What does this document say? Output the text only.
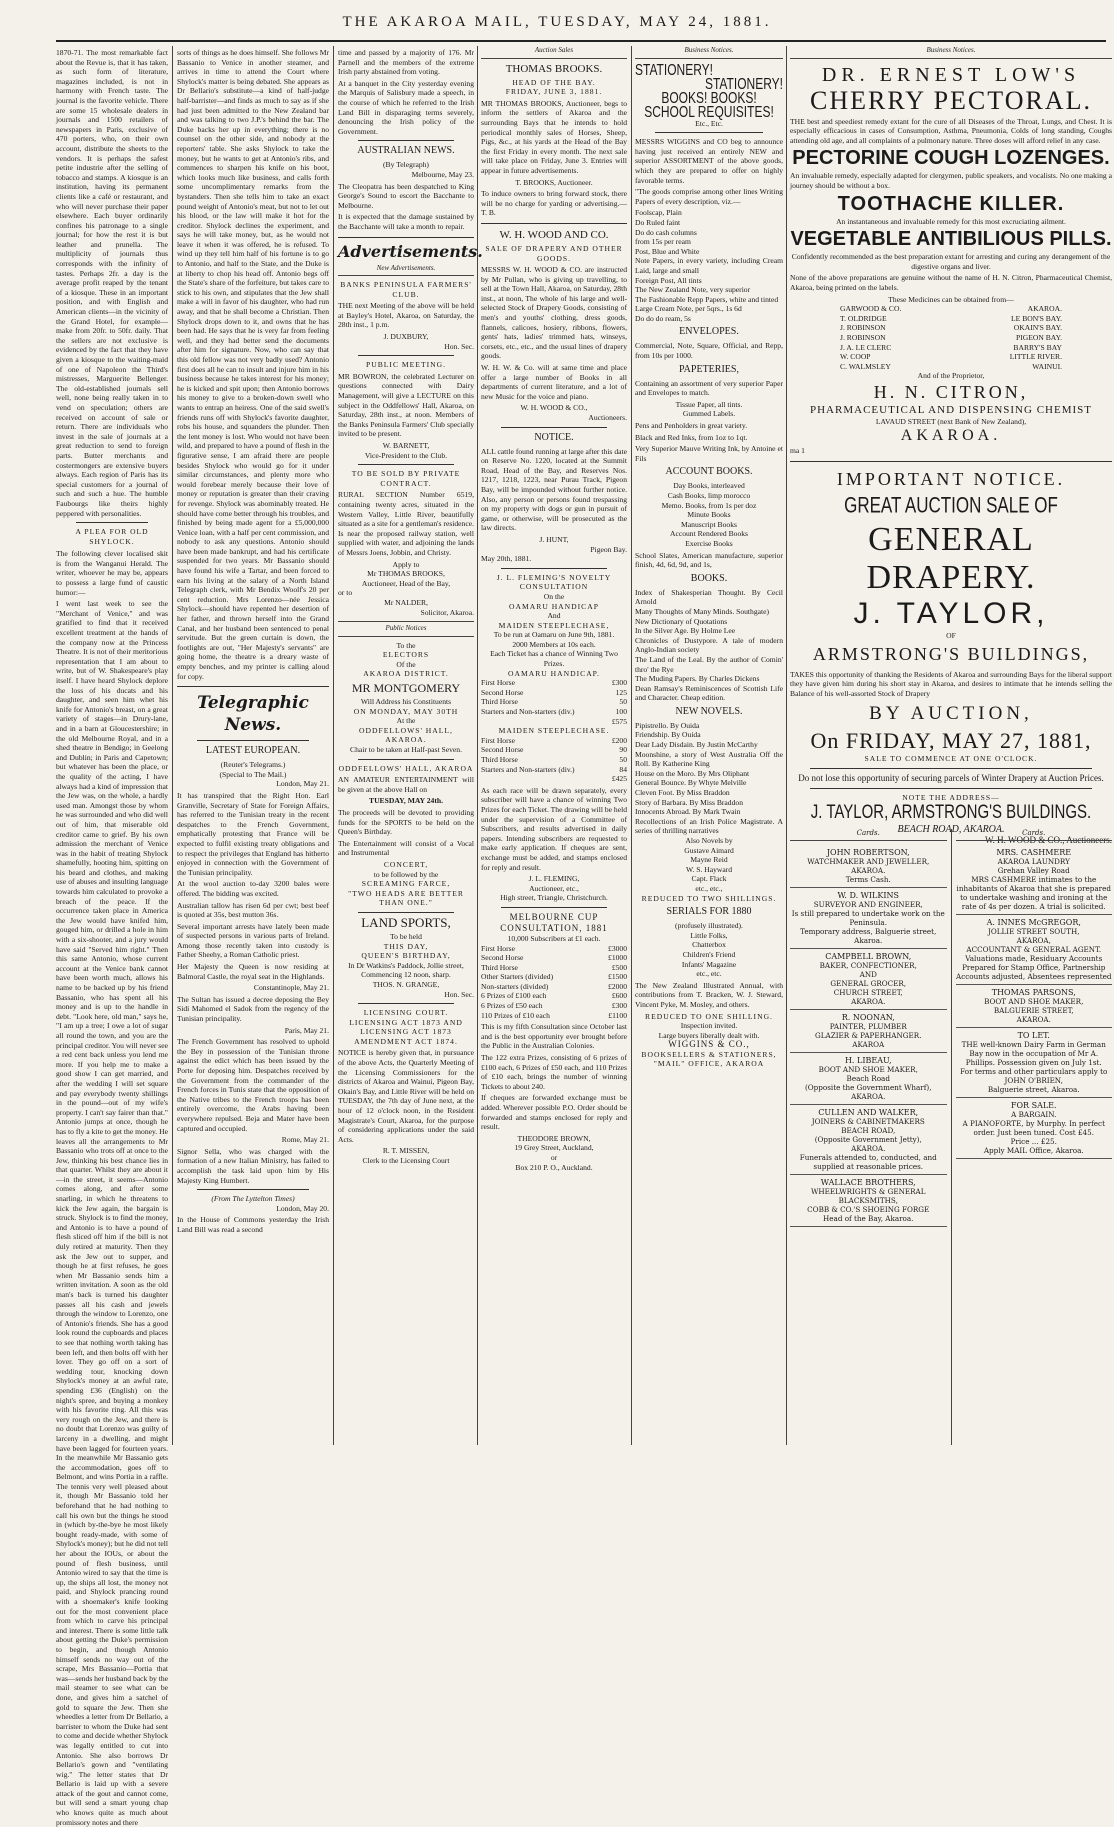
THE AKAROA MAIL, TUESDAY, MAY 24, 1881.
1870-71. The most remarkable fact about the Revue is, that it has taken, as such form of literature, magazines included, is not in harmony with French taste. The journal is the favorite vehicle. There are some 15 wholesale dealers in journals and 1500 retailers of newspapers in Paris, exclusive of 470 porters, who, on their own account, distribute the sheets to the vendors. It is perhaps the safest petite industrie after the selling of tobacco and stamps. A kiosque is an institution, having its permanent clients like a café or restaurant, and who will never purchase their paper elsewhere. Each buyer ordinarily confines his patronage to a single journal; for how the rest it is but leather and prunella. The multiplicity of journals thus corresponds with the infinity of tastes. Perhaps 2fr. a day is the average profit reaped by the tenant of a kiosque. These in an important position, and with English and American clients—in the vicinity of the Grand Hotel, for example—make from 20fr. to 50fr. daily. That the sellers are not exclusive is evidenced by the fact that they have given a kiosque to the waiting-maid of one of Napoleon the Third's mistresses, Marguerite Bellenger. The old-established journals sell well, none being really taken in to vend on speculation; others are received on account of sale or return. There are individuals who invest in the sale of journals at a great reduction to send to foreign parts. Butter merchants and costermongers are extensive buyers always. Each region of Paris has its special customers for a journal of such and such a hue. The humble Faubourgs like theirs highly peppered with personalities.
A PLEA FOR OLD SHYLOCK.
The following clever localised skit is from the Wanganui Herald. The writer, whoever he may be, appears to possess a large fund of caustic humor:—
I went last week to see the "Merchant of Venice," and was gratified to find that it received excellent treatment at the hands of the company now at the Princess Theatre. It is not of their meritorious representation that I am about to write, but of W. Shakespeare's play itself. I have heard Shylock deplore the loss of his ducats and his daughter, and seen him whet his knife for Antonio's breast, on a great variety of stages—in Drury-lane, and in a barn at Gloucestershire; in the old Melbourne Royal, and in a shed theatre in Bendigo; in Geelong and Dublin; in Paris and Capetown; but whatever has been the place, or the quality of the acting, I have always had a kind of impression that the Jew was, on the whole, a hardly used man. Amongst those by whom he was surrounded and who did well out of him, that miserable old creditor came to grief. By his own admission the merchant of Venice was in the habit of treating Shylock shamefully, hooting him, spitting on his beard and clothes, and making use of abuses and insulting language towards him calculated to provoke a breach of the peace. If the occurrence taken place in America the Jew would have knifed him, gouged him, or drilled a hole in him with a six-shooter, and a jury would have said "Served him right." Then this same Antonio, whose current account at the Venice bank cannot have been worth much, allows his name to be backed up by his friend Bassanio, who has spent all his money and is up to the handle in debt. "Look here, old man," says he, "I am up a tree; I owe a lot of sugar all round the town, and you are the principal creditor. You will never see a red cent back unless you lend me more. If you help me to make a good show I can get married, and after the wedding I will set square and pay everybody twenty shillings in the pound—out of my wife's property. I can't say fairer than that." Antonio jumps at once, though he has to fly a kite to get the money. He leaves all the arrangements to Mr Bassanio who trots off at once to the Jew, thinking his best chance lies in that quarter. Whilst they are about it—in the street, it seems—Antonio comes along, and after some snarling, in which he threatens to kick the Jew again, the bargain is struck. Shylock is to find the money, and Antonio is to have a pound of flesh sliced off him if the bill is not duly retired at maturity. Then they ask the Jew out to supper, and though he at first refuses, he goes when Mr Bassanio sends him a written invitation. A soon as the old man's back is turned his daughter passes all his cash and jewels through the window to Lorenzo, one of Antonio's friends. She has a good look round the cupboards and places to see that nothing worth taking has been left, and then bolts off with her lover. They go off on a sort of wedding tour, knocking down Shylock's money at an awful rate, spending £36 (English) on the night's spree, and buying a monkey with his favorite ring. All this was very rough on the Jew, and there is no doubt that Lorenzo was guilty of larceny in a dwelling, and might have been lagged for fourteen years. In the meanwhile Mr Bassanio gets the accommodation, goes off to Belmont, and wins Portia in a raffle. The tennis very well pleased about it, though Mr Bassanio told her beforehand that he had nothing to call his own but the things he stood in (which by-the-bye he most likely bought ready-made, with some of Shylock's money); but he did not tell her about the IOUs, or about the pound of flesh business, until Antonio wired to say that the time is up, the ships all lost, the money not paid, and Shylock prancing round with a shoemaker's knife looking out for the most convenient place from which to carve his principal and interest. There is some little talk about getting the Duke's permission to begin, and though Antonio himself sends no way out of the scrape, Mrs Bassanio—Portia that was—sends her husband back by the mail steamer to see what can be done, and gives him a satchel of gold to square the Jew. Then she wheedles a letter from Dr Bellario, a barrister to whom the Duke had sent to come and decide whether Shylock was legally entitled to cut into Antonio. She also borrows Dr Bellario's gown and "ventilating wig." The letter states that Dr Bellario is laid up with a severe attack of the gout and cannot come, but will send a smart young chap who knows quite as much about promissory notes and there
sorts of things as he does himself. She follows Mr Bassanio to Venice in another steamer, and arrives in time to attend the Court where Shylock's matter is being debated. She appears as Dr Bellario's substitute—a kind of half-judge half-barrister—and finds as much to say as if she had just been admitted to the New Zealand bar and was talking to two J.P.'s behind the bar. The Duke backs her up in everything; there is no counsel on the other side, and nobody at the reporters' table. She asks Shylock to take the money, but he wants to get at Antonio's ribs, and commences to sharpen his knife on his boot, which looks much like business, and calls forth some uncomplimentary remarks from the bystanders. Then she tells him to take an exact pound weight of Antonio's meat, but not to let out his blood, or the law will make it hot for the creditor. Shylock declines the experiment, and says he will take money, but, as he would not leave it when it was offered, he is refused. To wind up they tell him half of his fortune is to go to Antonio, and half to the State, and the Duke is at liberty to chop his head off. Antonio begs off the State's share of the forfeiture, but takes care to stick to his own, and stipulates that the Jew shall make a will in favor of his daughter, who had run away, and that he shall become a Christian. Then Shylock drops down to it, and owns that he has been had. He says that he is very far from feeling well, and they had better send the documents after him for signature. Now, who can say that this old fellow was not very badly used? Antonio first does all he can to insult and injure him in his business because he takes interest for his money; he is kicked and spit upon; then Antonio borrows his money to give to a broken-down swell who wants to entrap an heiress. One of the said swell's friends runs off with Shylock's favorite daughter, robs his house, and squanders the plunder. Then the lent money is lost. Who would not have been wild, and prepared to have a pound of flesh in the figurative sense, I am afraid there are people besides Shylock who would go for it under similar circumstances, and plenty more who would forebear merely because their love of money or reputation is greater than their craving for revenge. Shylock was abominably treated. He should have come better through his troubles, and finished by being made agent for a £5,000,000 Venice loan, with a half per cent commission, and nobody to ask any questions. Antonio should have been made bankrupt, and had his certificate suspended for two years. Mr Bassanio should have found his wife a Tartar, and been forced to earn his living at the salary of a North Island Telegraph clerk, with Mr Bendix Woolf's 20 per cent reduction. Mrs Lorenzo—née Jessica Shylock—should have repented her desertion of her father, and thrown herself into the Grand Canal, and her husband been sentenced to penal servitude. But the green curtain is down, the footlights are out, "Her Majesty's servants" are going home, the theatre is a dreary waste of empty benches, and my printer is calling aloud for copy.
Telegraphic News.
LATEST EUROPEAN.
(Reuter's Telegrams.)
(Special to The Mail.)
London, May 21.
It has transpired that the Right Hon. Earl Granville, Secretary of State for Foreign Affairs, has referred to the Tunisian treaty in the recent despatches to the French Government, emphatically protesting that France will be expected to fulfil existing treaty obligations and to respect the privileges that England has hitherto enjoyed in connection with the Government of the Tunisian principality.
At the wool auction to-day 3200 bales were offered. The bidding was excited.
Australian tallow has risen 6d per cwt; best beef is quoted at 35s, best mutton 36s.
Several important arrests have lately been made of suspected persons in various parts of Ireland. Among those recently taken into custody is Father Sheehy, a Roman Catholic priest.
Her Majesty the Queen is now residing at Balmoral Castle, the royal seat in the Highlands.
Constantinople, May 21.
The Sultan has issued a decree deposing the Bey Sidi Mahomed el Sadok from the regency of the Tunisian principality.
Paris, May 21.
The French Government has resolved to uphold the Bey in possession of the Tunisian throne against the edict which has been issued by the Porte for deposing him. Despatches received by the Government from the commander of the French forces in Tunis state that the opposition of the Native tribes to the French troops has been entirely overcome, the Arabs having been everywhere repulsed. Beja and Mater have been captured and occupied.
Rome, May 21.
Signor Sella, who was charged with the formation of a new Italian Ministry, has failed to accomplish the task laid upon him by His Majesty King Humbert.
(From The Lyttelton Times)
London, May 20.
In the House of Commons yesterday the Irish Land Bill was read a second
time and passed by a majority of 176. Mr Parnell and the members of the extreme Irish party abstained from voting.
At a banquet in the City yesterday evening the Marquis of Salisbury made a speech, in the course of which he referred to the Irish Land Bill in disparaging terms severely, denouncing the Irish policy of the Government.
AUSTRALIAN NEWS.
(By Telegraph)
Melbourne, May 23.
The Cleopatra has been despatched to King George's Sound to escort the Bacchante to Melbourne.
It is expected that the damage sustained by the Bacchante will take a month to repair.
Advertisements.
New Advertisements.
BANKS PENINSULA FARMERS' CLUB.
THE next Meeting of the above will be held at Bayley's Hotel, Akaroa, on Saturday, the 28th inst., 1 p.m.
J. DUXBURY,
Hon. Sec.
PUBLIC MEETING.
MR BOWRON, the celebrated Lecturer on questions connected with Dairy Management, will give a LECTURE on this subject in the Oddfellows' Hall, Akaroa, on Saturday, 28th inst., at noon. Members of the Banks Peninsula Farmers' Club specially invited to be present.
W. BARNETT,
Vice-President to the Club.
TO BE SOLD BY PRIVATE CONTRACT.
RURAL SECTION Number 6519, containing twenty acres, situated in the Western Valley, Little River, beautifully situated as a site for a gentleman's residence. Is near the proposed railway station, well supplied with water, and adjoining the lands of Messrs Joens, Jobbin, and Christy.
Apply to
Mr THOMAS BROOKS,
Auctioneer, Head of the Bay,
or to
Mr NALDER,
Solicitor, Akaroa.
Public Notices
To the
ELECTORS
Of the
AKAROA DISTRICT.
MR MONTGOMERY
Will Address his Constituents
ON MONDAY, MAY 30TH
At the
ODDFELLOWS' HALL,
AKAROA.
Chair to be taken at Half-past Seven.
ODDFELLOWS' HALL, AKAROA
AN AMATEUR ENTERTAINMENT will be given at the above Hall on
TUESDAY, MAY 24th.
The proceeds will be devoted to providing funds for the SPORTS to be held on the Queen's Birthday.
The Entertainment will consist of a Vocal and Instrumental
CONCERT,
to be followed by the
SCREAMING FARCE,
"TWO HEADS ARE BETTER THAN ONE."
LAND SPORTS,
To be held
THIS DAY,
QUEEN'S BIRTHDAY,
In Dr Watkins's Paddock, Jollie street,
Commencing 12 noon, sharp.
THOS. N. GRANGE,
Hon. Sec.
LICENSING COURT.
LICENSING ACT 1873 AND LICENSING ACT 1873 AMENDMENT ACT 1874.
NOTICE is hereby given that, in pursuance of the above Acts, the Quarterly Meeting of the Licensing Commissioners for the districts of Akaroa and Wainui, Pigeon Bay, Okain's Bay, and Little River will be held on TUESDAY, the 7th day of June next, at the hour of 12 o'clock noon, in the Resident Magistrate's Court, Akaroa, for the purpose of considering applications under the said Acts.
R. T. MISSEN,
Clerk to the Licensing Court
Auction Sales
THOMAS BROOKS.
HEAD OF THE BAY.
FRIDAY, JUNE 3, 1881.
MR THOMAS BROOKS, Auctioneer, begs to inform the settlers of Akaroa and the surrounding Bays that he intends to hold periodical monthly sales of Horses, Sheep, Pigs, &c., at his yards at the Head of the Bay the first Friday in every month. The next sale will take place on Friday, June 3. Entries will appear in future advertisements.
T. BROOKS, Auctioneer.
To induce owners to bring forward stock, there will be no charge for yarding or advertising.—T. B.
W. H. WOOD AND CO.
SALE OF DRAPERY AND OTHER GOODS.
MESSRS W. H. WOOD & CO. are instructed by Mr Pullan, who is giving up travelling, to sell at the Town Hall, Akaroa, on Saturday, 28th inst., at noon, The whole of his large and well-selected Stock of Drapery Goods, consisting of men's and youths' clothing, dress goods, flannels, calicoes, hosiery, ribbons, flowers, gents' hats, ladies' trimmed hats, winseys, corsets, etc., etc., and the usual lines of drapery goods.
W. H. W. & Co. will at same time and place offer a large number of Books in all departments of current literature, and a lot of new Music for the voice and piano.
W. H. WOOD & CO.,
Auctioneers.
NOTICE.
ALL cattle found running at large after this date on Reserve No. 1220, located at the Summit Road, Head of the Bay, and Reserves Nos. 1217, 1218, 1223, near Purau Track, Pigeon Bay, will be impounded without further notice. Also, any person or persons found trespassing on my property with dogs or gun in pursuit of game, or otherwise, will be prosecuted as the law directs.
J. HUNT,
Pigeon Bay.
May 20th, 1881.
J. L. FLEMING'S NOVELTY CONSULTATION
On the
OAMARU HANDICAP
And
MAIDEN STEEPLECHASE,
To be run at Oamaru on June 9th, 1881.
2000 Members at 10s each.
Each Ticket has a chance of Winning Two Prizes.
OAMARU HANDICAP.
First Horse	£300
Second Horse	125
Third Horse	50
Starters and Non-starters (div.)	100
£575
MAIDEN STEEPLECHASE.
First Horse	£200
Second Horse	90
Third Horse	50
Starters and Non-starters (div.)	84
£425
As each race will be drawn separately, every subscriber will have a chance of winning Two Prizes for each Ticket. The drawing will be held under the supervision of a Committee of Subscribers, and results advertised in daily papers. Intending subscribers are requested to make early application. If cheques are sent, exchange must be added, and stamps enclosed for reply and result.
J. L. FLEMING,
Auctioneer, etc.,
High street, Triangle, Christchurch.
MELBOURNE CUP CONSULTATION, 1881
10,000 Subscribers at £1 each.
First Horse	£3000
Second Horse	£1000
Third Horse	£500
Other Starters (divided)	£1500
Non-starters (divided)	£2000
6 Prizes of £100 each	£600
6 Prizes of £50 each	£300
110 Prizes of £10 each	£1100
This is my fifth Consultation since October last and is the best opportunity ever brought before the Public in the Australian Colonies.
The 122 extra Prizes, consisting of 6 prizes of £100 each, 6 Prizes of £50 each, and 110 Prizes of £10 each, brings the number of winning Tickets to about 240.
If cheques are forwarded exchange must be added. Wherever possible P.O. Order should be forwarded and stamps enclosed for reply and result.
THEODORE BROWN,
19 Grey Street, Auckland,
or
Box 210 P. O., Auckland.
Business Notices.
STATIONERY!
STATIONERY!
BOOKS! BOOKS!
SCHOOL REQUISITES!
Etc., Etc.
MESSRS WIGGINS and CO beg to announce having just received an entirely NEW and superior ASSORTMENT of the above goods, which they are prepared to offer on highly favorable terms.
"The goods comprise among other lines Writing Papers of every description, viz.—
Foolscap, Plain
Do Ruled faint
Do do cash columns
from 15s per ream
Post, Blue and White
Note Papers, in every variety, including Cream Laid, large and small
Foreign Post, All tints
The New Zealand Note, very superior
The Fashionable Repp Papers, white and tinted
Large Cream Note, per 5qrs., 1s 6d
Do do do ream, 5s
ENVELOPES.
Commercial, Note, Square, Official, and Repp, from 10s per 1000.
PAPETERIES,
Containing an assortment of very superior Paper and Envelopes to match.
Tissue Paper, all tints.
Gummed Labels.
Pens and Penholders in great variety.
Black and Red Inks, from 1oz to 1qt.
Very Superior Mauve Writing Ink, by Antoine et Fils
ACCOUNT BOOKS.
Day Books, interleaved
Cash Books, limp morocco
Memo. Books, from 1s per doz
Minute Books
Manuscript Books
Account Rendered Books
Exercise Books
School Slates, American manufacture, superior finish, 4d, 6d, 9d, and 1s,
BOOKS.
Index of Shakesperian Thought. By Cecil Arnold
Many Thoughts of Many Minds. Southgate)
New Dictionary of Quotations
In the Silver Age. By Holme Lee
Chronicles of Dustypore. A tale of modern Anglo-Indian society
The Land of the Leal. By the author of Comin' thro' the Rye
The Muding Papers. By Charles Dickens
Dean Ramsay's Reminiscences of Scottish Life and Character. Cheap edition.
NEW NOVELS.
Pipistrello. By Ouida
Friendship. By Ouida
Dear Lady Disdain. By Justin McCarthy
Moonshine, a story of West Australia Off the Roll. By Katherine King
House on the Moro. By Mrs Oliphant
General Bounce. By Whyte Melville
Cleven Foot. By Miss Braddon
Story of Barbara. By Miss Braddon
Innocents Abroad. By Mark Twain
Recollections of an Irish Police Magistrate. A series of thrilling narratives
Also Novels by
Gustave Aimard
Mayne Reid
W. S. Hayward
Capt. Flack
etc., etc.,
REDUCED TO TWO SHILLINGS.
SERIALS FOR 1880
(profusely illustrated).
Little Folks,
Chatterbox
Children's Friend
Infants' Magazine
etc., etc.
The New Zealand Illustrated Annual, with contributions from T. Bracken, W. J. Steward, Vincent Pyke, M. Mosley, and others.
REDUCED TO ONE SHILLING.
Inspection invited.
Large buyers liberally dealt with.
WIGGINS & CO.,
BOOKSELLERS & STATIONERS,
"MAIL" OFFICE, AKAROA
Business Notices.
DR. ERNEST LOW'S
CHERRY PECTORAL.
THE best and speediest remedy extant for the cure of all Diseases of the Throat, Lungs, and Chest. It is especially efficacious in cases of Consumption, Asthma, Pneumonia, Colds of long standing, Coughs attending old age, and all complaints of a pulmonary nature. Three doses will afford relief in any case.
PECTORINE COUGH LOZENGES.
An invaluable remedy, especially adapted for clergymen, public speakers, and vocalists. No one making a journey should be without a box.
TOOTHACHE KILLER.
An instantaneous and invaluable remedy for this most excruciating ailment.
VEGETABLE ANTIBILIOUS PILLS.
Confidently recommended as the best preparation extant for arresting and curing any derangement of the digestive organs and liver.
None of the above preparations are genuine without the name of H. N. Citron, Pharmaceutical Chemist, Akaroa, being printed on the labels.
These Medicines can be obtained from—
GARWOOD & CO.	AKAROA.
T. OLDRIDGE	LE BON'S BAY.
J. ROBINSON	OKAIN'S BAY.
J. ROBINSON	PIGEON BAY.
J. A. LE CLERC	BARRY'S BAY
W. COOP	LITTLE RIVER.
C. WALMSLEY	WAINUI.
And of the Proprietor,
H. N. CITRON,
PHARMACEUTICAL AND DISPENSING CHEMIST
LAVAUD STREET (next Bank of New Zealand),
AKAROA.
ma 1
IMPORTANT NOTICE.
GREAT AUCTION SALE OF
GENERAL DRAPERY.
J. TAYLOR,
OF
ARMSTRONG'S BUILDINGS,
TAKES this opportunity of thanking the Residents of Akaroa and surrounding Bays for the liberal support they have given him during his short stay in Akaroa, and desires to intimate that he intends selling the Balance of his well-assorted Stock of Drapery
BY AUCTION,
On FRIDAY, MAY 27, 1881,
SALE TO COMMENCE AT ONE O'CLOCK.
Do not lose this opportunity of securing parcels of Winter Drapery at Auction Prices.
NOTE THE ADDRESS—
J. TAYLOR, ARMSTRONG'S BUILDINGS.
BEACH ROAD, AKAROA.
W. H. WOOD & CO., Auctioneers.
Cards.
JOHN ROBERTSON,
WATCHMAKER AND JEWELLER,
AKAROA.
Terms Cash.
W. D. WILKINS
SURVEYOR AND ENGINEER,
Is still prepared to undertake work on the Peninsula.
Temporary address, Balguerie street, Akaroa.
CAMPBELL BROWN,
BAKER, CONFECTIONER,
AND
GENERAL GROCER,
CHURCH STREET,
AKAROA.
R. NOONAN,
PAINTER, PLUMBER
GLAZIER & PAPERHANGER.
AKAROA
H. LIBEAU,
BOOT AND SHOE MAKER,
Beach Road
(Opposite the Government Wharf),
AKAROA.
CULLEN AND WALKER,
JOINERS & CABINETMAKERS
BEACH ROAD,
(Opposite Government Jetty),
AKAROA.
Funerals attended to, conducted, and supplied at reasonable prices.
WALLACE BROTHERS,
WHEELWRIGHTS & GENERAL BLACKSMITHS,
COBB & CO.'S SHOEING FORGE
Head of the Bay, Akaroa.
Cards.
MRS. CASHMERE
AKAROA LAUNDRY
Grehan Valley Road
MRS CASHMERE intimates to the inhabitants of Akaroa that she is prepared to undertake washing and ironing at the rate of 4s per dozen. A trial is solicited.
A. INNES McGREGOR,
JOLLIE STREET SOUTH,
AKAROA,
ACCOUNTANT & GENERAL AGENT.
Valuations made, Residuary Accounts Prepared for Stamp Office, Partnership Accounts adjusted, Absentees represented
THOMAS PARSONS,
BOOT AND SHOE MAKER,
BALGUERIE STREET,
AKAROA.
TO LET.
THE well-known Dairy Farm in German Bay now in the occupation of Mr A. Phillips. Possession given on July 1st.
For terms and other particulars apply to
JOHN O'BRIEN,
Balguerie street, Akaroa.
FOR SALE.
A BARGAIN.
A PIANOFORTE, by Murphy. In perfect order. Just been tuned. Cost £45.
Price ... £25.
Apply MAIL Office, Akaroa.
